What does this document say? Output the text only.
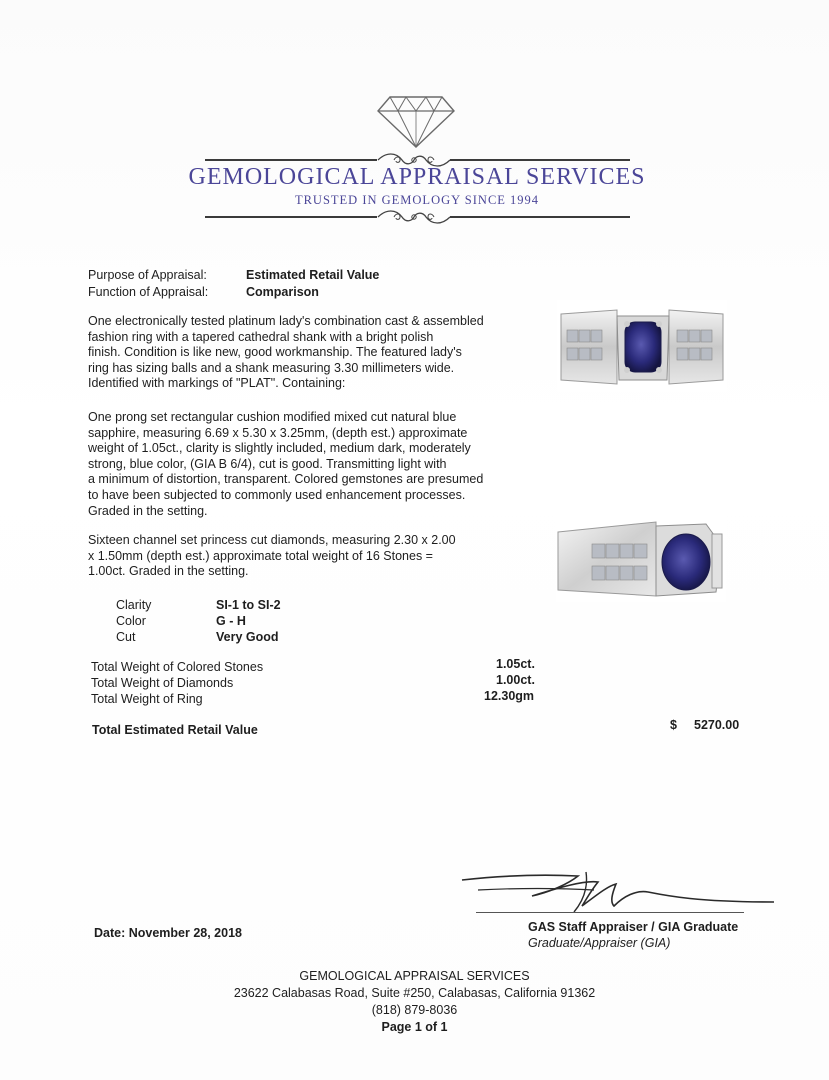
GEMOLOGICAL APPRAISAL SERVICES
TRUSTED IN GEMOLOGY SINCE 1994
Purpose of Appraisal:	Estimated Retail Value
Function of Appraisal:	Comparison
One electronically tested platinum lady's combination cast & assembled
fashion ring with a tapered cathedral shank with a bright polish
finish. Condition is like new, good workmanship. The featured lady's
ring has sizing balls and a shank measuring 3.30 millimeters wide.
Identified with markings of "PLAT". Containing:
One prong set rectangular cushion modified mixed cut natural blue
sapphire, measuring 6.69 x 5.30 x 3.25mm, (depth est.) approximate
weight of 1.05ct., clarity is slightly included, medium dark, moderately
strong, blue color, (GIA B 6/4), cut is good. Transmitting light with
a minimum of distortion, transparent. Colored gemstones are presumed
to have been subjected to commonly used enhancement processes.
Graded in the setting.
Sixteen channel set princess cut diamonds, measuring 2.30 x 2.00
x 1.50mm (depth est.) approximate total weight of 16 Stones =
1.00ct. Graded in the setting.
Clarity	SI-1 to SI-2
Color	G - H
Cut	Very Good
Total Weight of Colored Stones	1.05ct.
Total Weight of Diamonds	1.00ct.
Total Weight of Ring	12.30gm
Total Estimated Retail Value	$ 5270.00
Date: November 28, 2018	GAS Staff Appraiser / GIA Graduate
Graduate/Appraiser (GIA)
GEMOLOGICAL APPRAISAL SERVICES
23622 Calabasas Road, Suite #250, Calabasas, California 91362
(818) 879-8036
Page 1 of 1
